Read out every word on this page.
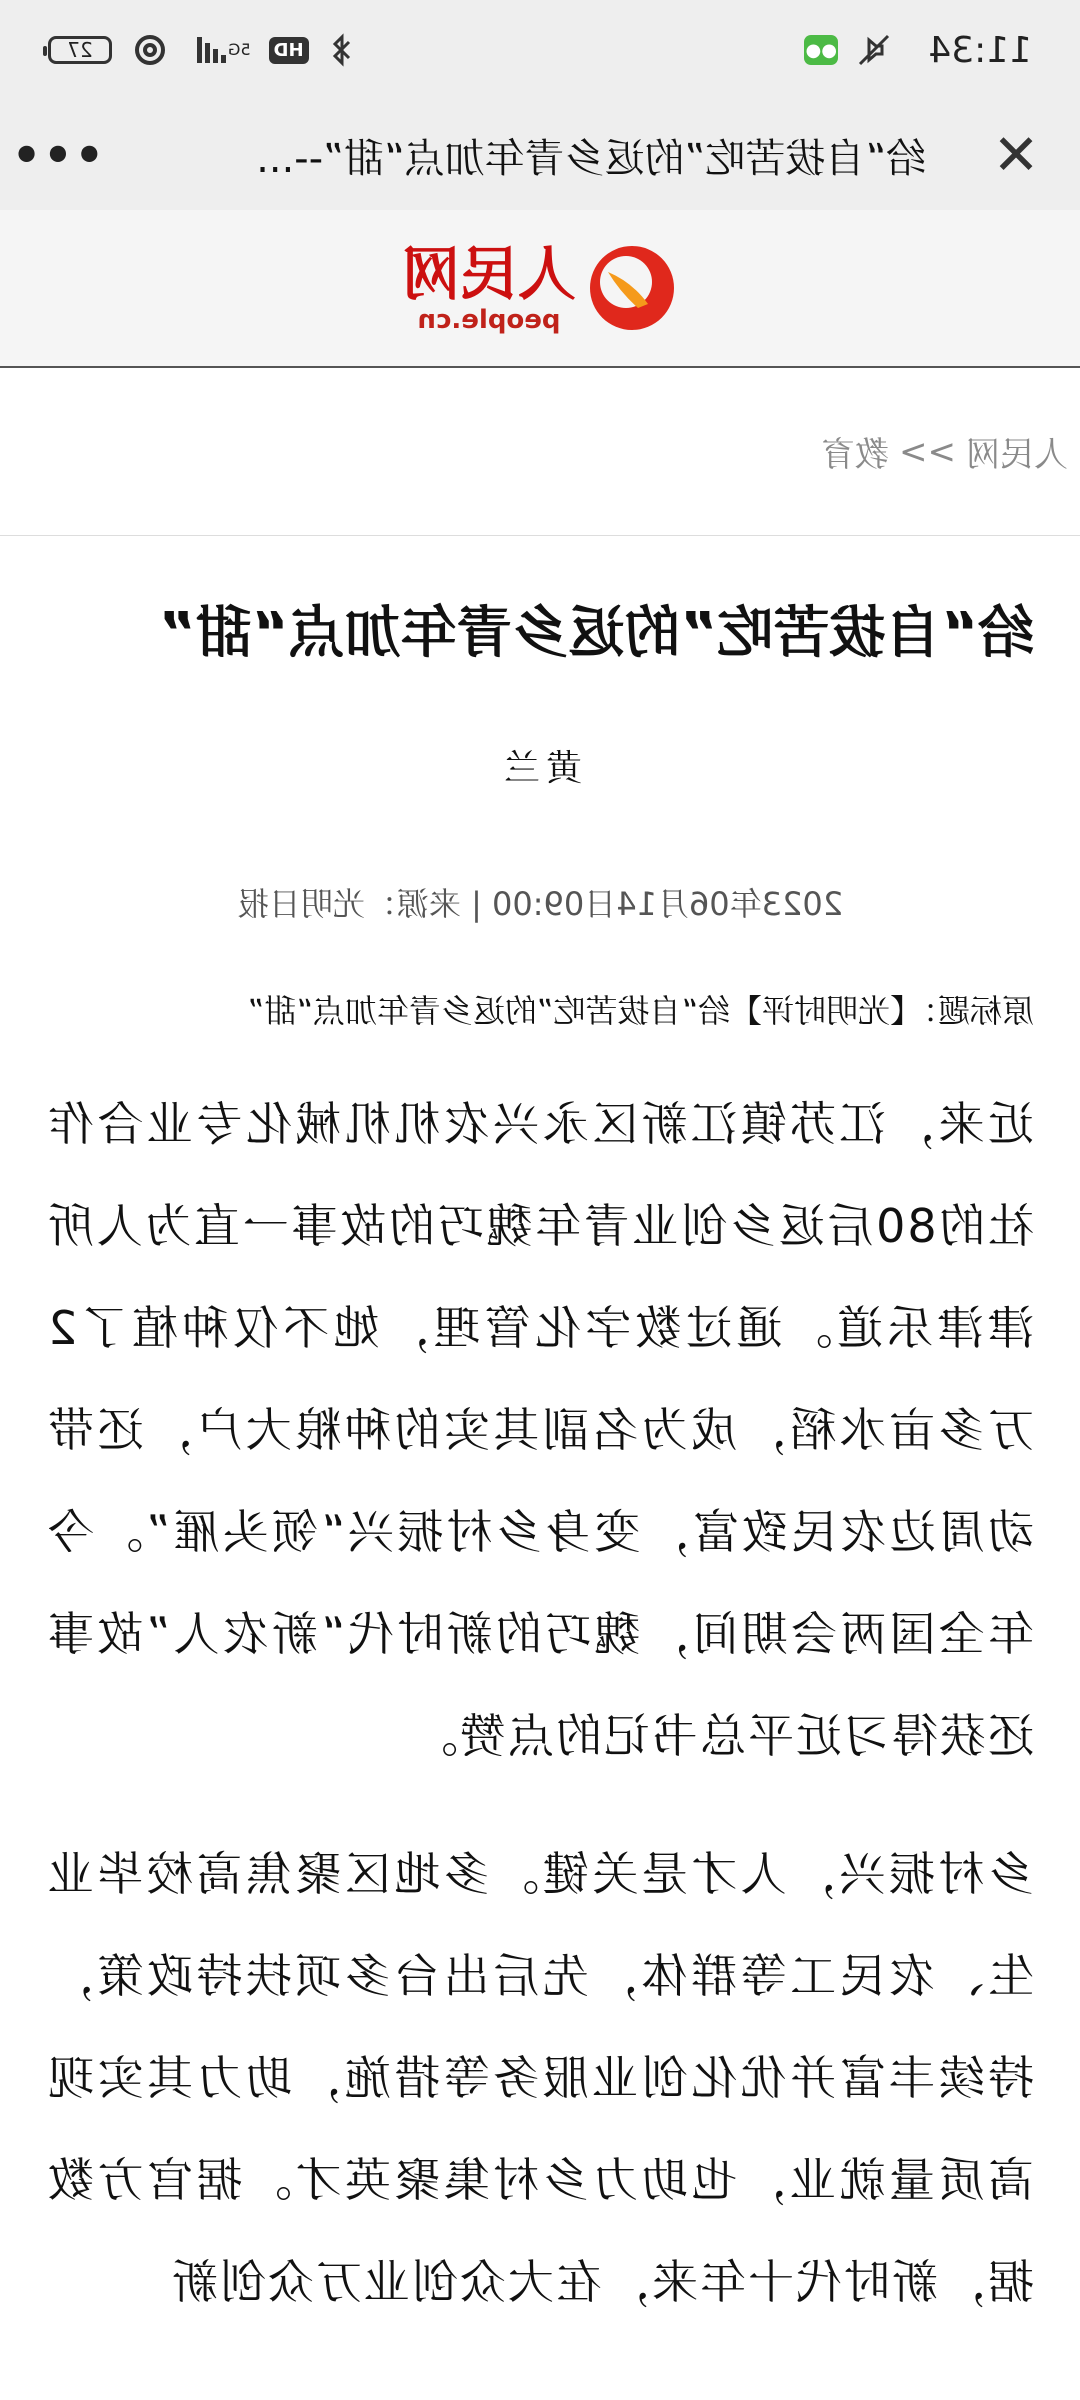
11:34
●●
HD
5G
27
✕
给“自拔苦吃”的返乡青年加点“甜”--...
•••
人民网
people.cn
人民网
>>
教育
给“自拔苦吃”的返乡青年加点“甜”
黄兰
2023年06月14日09:00 | 来源：光明日报
原标题：【光明时评】给“自拔苦吃”的返乡青年加点“甜”

近来，江苏镇江新区永兴农机机械化专业合作社的80后返乡创业青年魏巧的故事一直为人所津津乐道。通过数字化管理，她不仅种植了2万多亩水稻，成为名副其实的种粮大户，还带动周边农民致富，变身乡村振兴“领头雁”。今年全国两会期间，魏巧的新时代“新农人”故事还获得习近平总书记的点赞。

乡村振兴，人才是关键。多地区聚焦高校毕业生、农民工等群体，先后出台多项扶持政策，持续丰富并优化创业服务等措施，助力其实现高质量就业，也助力乡村集聚英才。据官方数据，新时代十年来，在大众创业万众创新
